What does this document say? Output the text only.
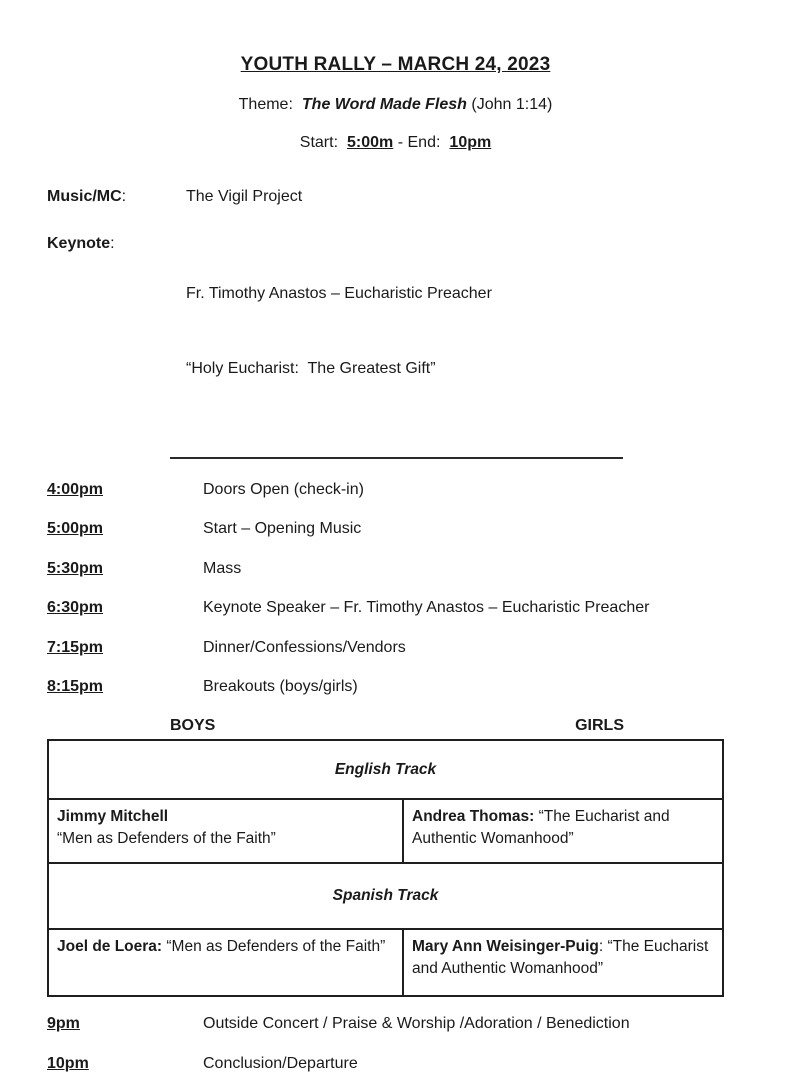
YOUTH RALLY – MARCH 24, 2023
Theme: The Word Made Flesh (John 1:14)
Start: 5:00m - End: 10pm
Music/MC:	The Vigil Project
Keynote:

Fr. Timothy Anastos – Eucharistic Preacher

“Holy Eucharist:  The Greatest Gift”

4:00pm	Doors Open (check-in)
5:00pm	Start – Opening Music
5:30pm	Mass
6:30pm	Keynote Speaker – Fr. Timothy Anastos – Eucharistic Preacher
7:15pm	Dinner/Confessions/Vendors
8:15pm	Breakouts (boys/girls)
BOYS	GIRLS
English Track	

Jimmy Mitchell
“Men as Defenders of the Faith”	Andrea Thomas: “The Eucharist and Authentic Womanhood”
Spanish Track	
Joel de Loera: “Men as Defenders of the Faith”	Mary Ann Weisinger-Puig: “The Eucharist and Authentic Womanhood”
9pm	Outside Concert / Praise & Worship /Adoration / Benediction
10pm	Conclusion/Departure
